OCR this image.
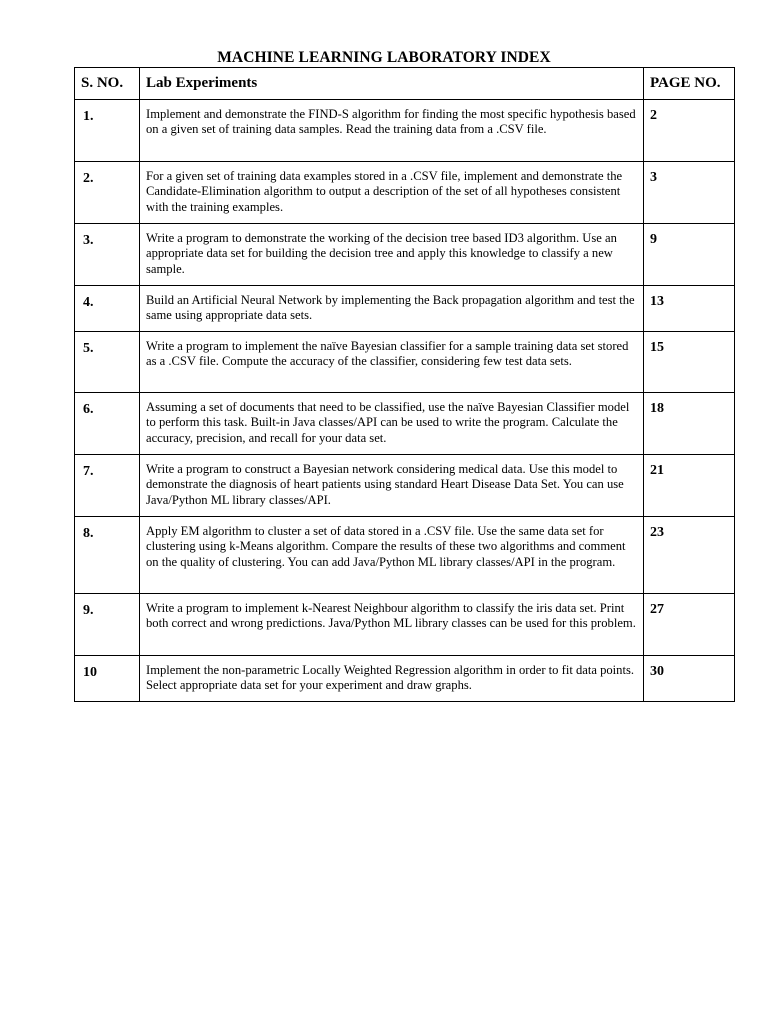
MACHINE LEARNING LABORATORY INDEX
S. NO.	Lab Experiments	PAGE NO.
1.	Implement and demonstrate the FIND-S algorithm for finding the most specific hypothesis based on a given set of training data samples. Read the training data from a .CSV file.	2
2.	For a given set of training data examples stored in a .CSV file, implement and demonstrate the Candidate-Elimination algorithm to output a description of the set of all hypotheses consistent with the training examples.	3
3.	Write a program to demonstrate the working of the decision tree based ID3 algorithm. Use an appropriate data set for building the decision tree and apply this knowledge to classify a new sample.	9
4.	Build an Artificial Neural Network by implementing the Back propagation algorithm and test the same using appropriate data sets.	13
5.	Write a program to implement the naïve Bayesian classifier for a sample training data set stored as a .CSV file. Compute the accuracy of the classifier, considering few test data sets.	15
6.	Assuming a set of documents that need to be classified, use the naïve Bayesian Classifier model to perform this task. Built-in Java classes/API can be used to write the program. Calculate the accuracy, precision, and recall for your data set.	18
7.	Write a program to construct a Bayesian network considering medical data. Use this model to demonstrate the diagnosis of heart patients using standard Heart Disease Data Set. You can use Java/Python ML library classes/API.	21
8.	Apply EM algorithm to cluster a set of data stored in a .CSV file. Use the same data set for clustering using k-Means algorithm. Compare the results of these two algorithms and comment on the quality of clustering. You can add Java/Python ML library classes/API in the program.	23
9.	Write a program to implement k-Nearest Neighbour algorithm to classify the iris data set. Print both correct and wrong predictions. Java/Python ML library classes can be used for this problem.	27
10	Implement the non-parametric Locally Weighted Regression algorithm in order to fit data points. Select appropriate data set for your experiment and draw graphs.	30
